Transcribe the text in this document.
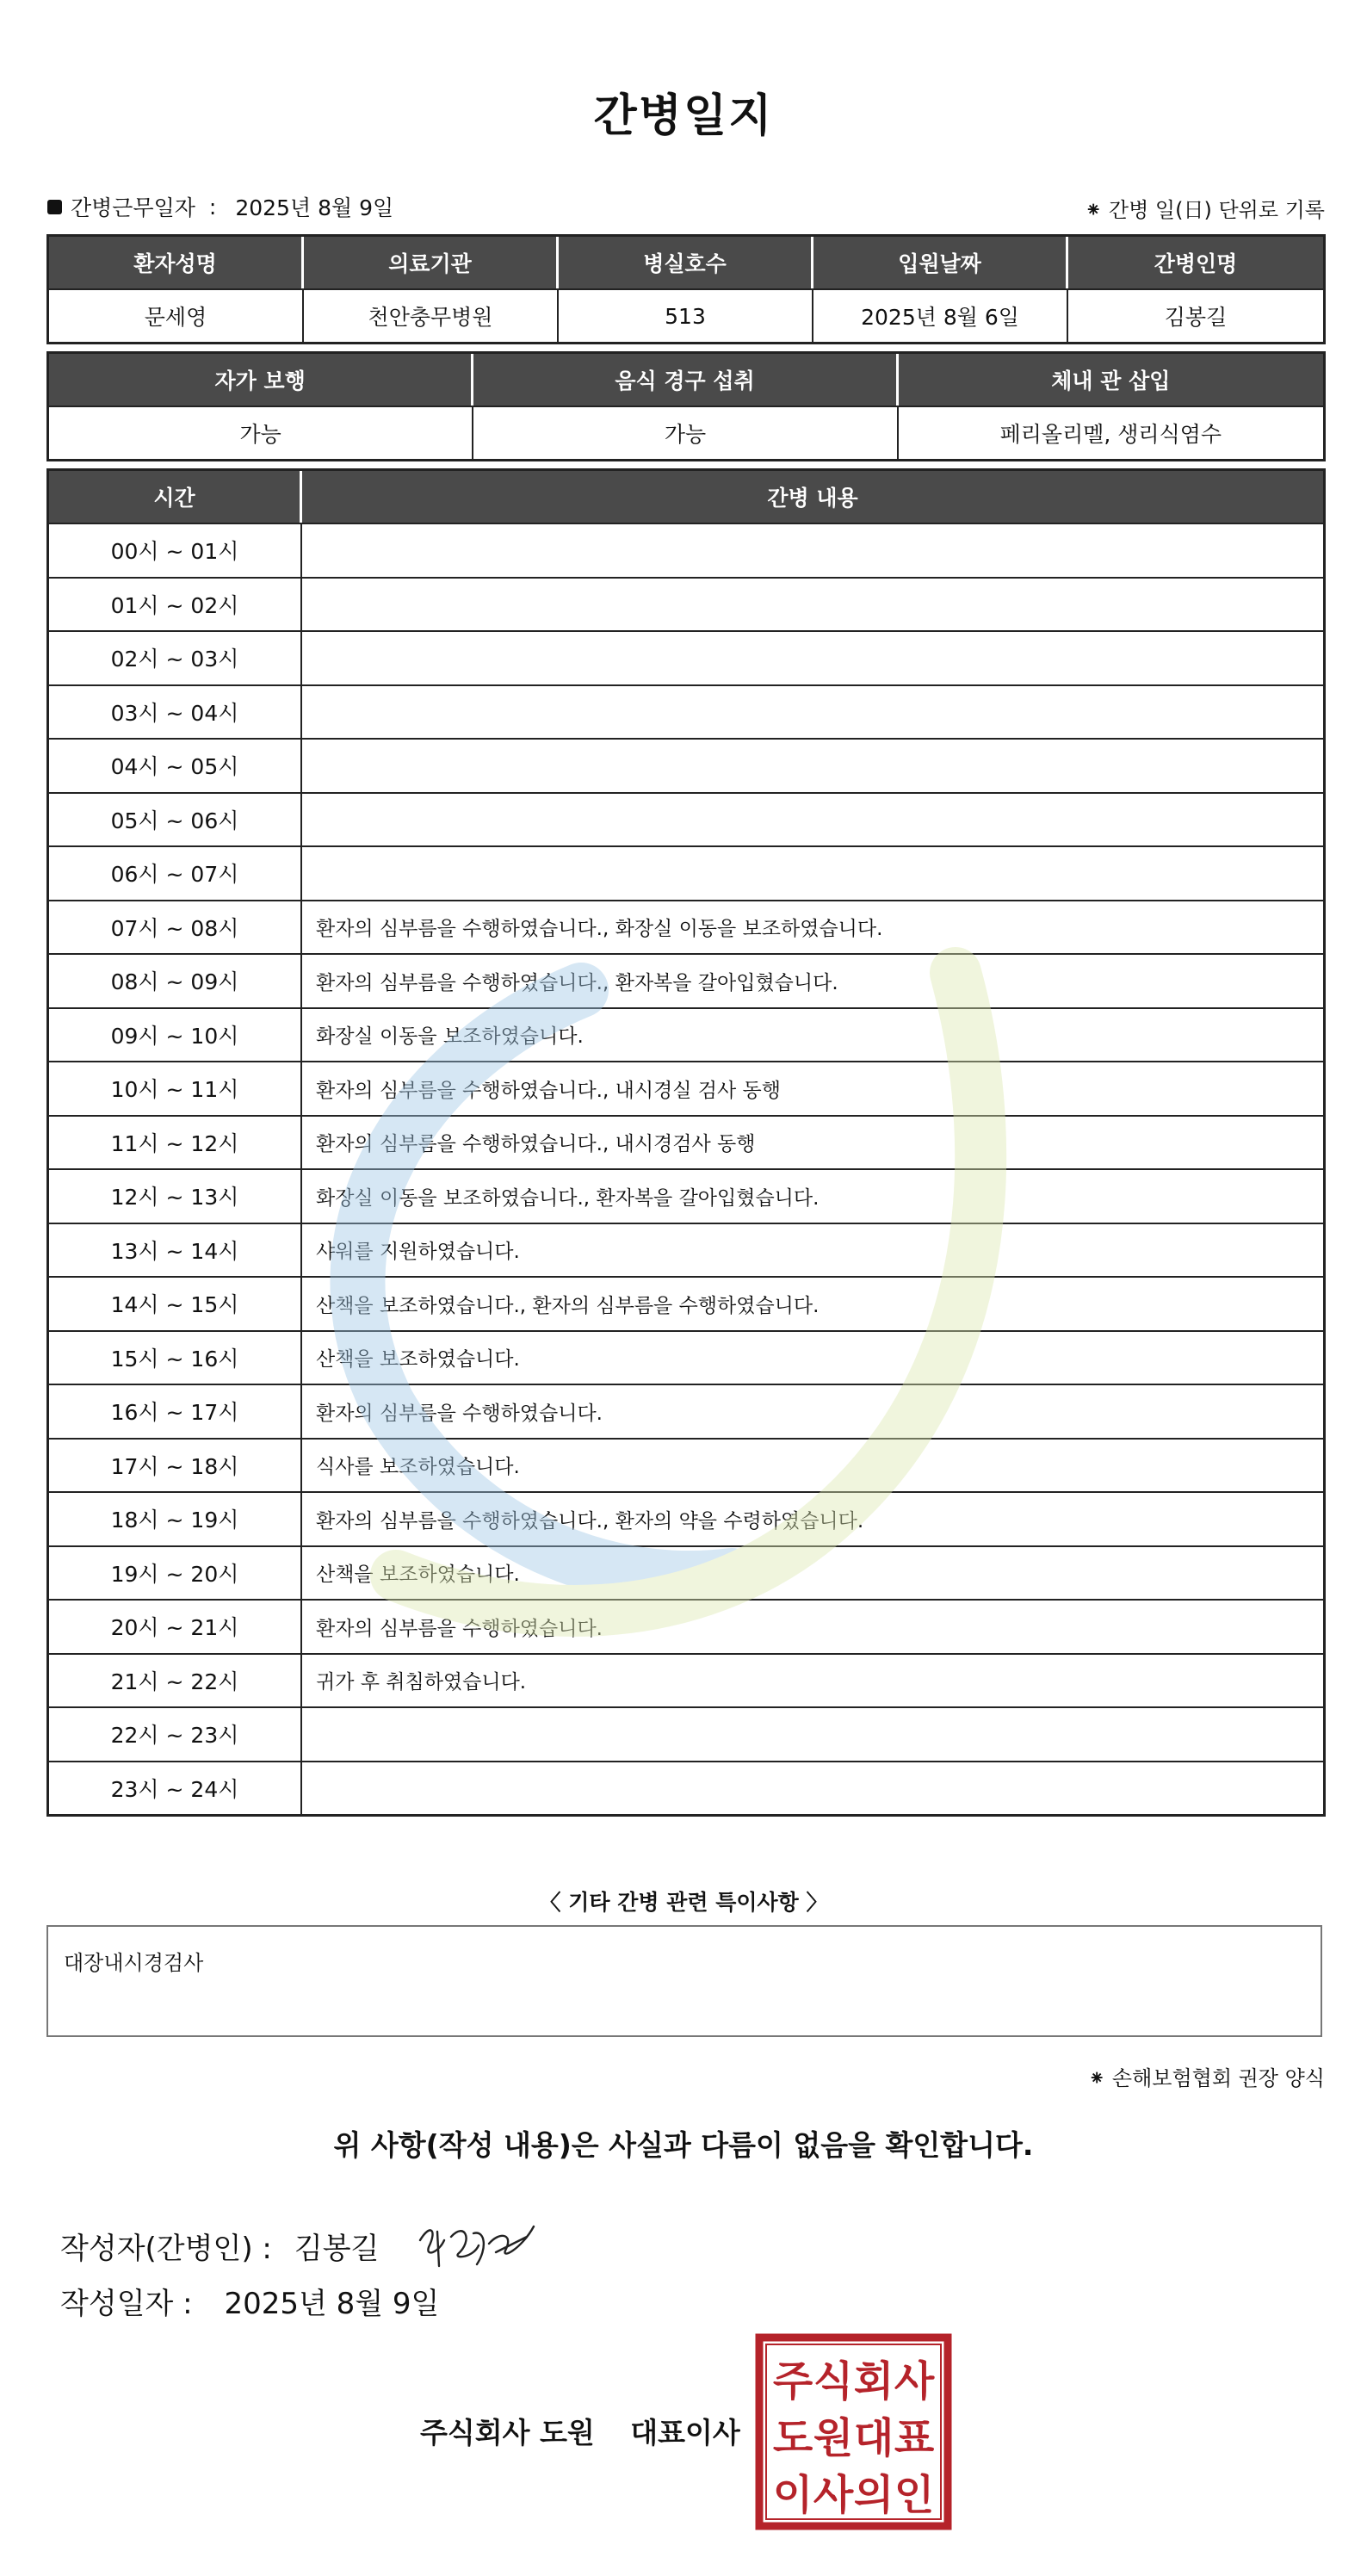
간병일지
간병근무일자 : 2025년 8월 9일	⁕ 간병 일(日) 단위로 기록
환자성명	의료기관	병실호수	입원날짜	간병인명
문세영	천안충무병원	513	2025년 8월 6일	김봉길
자가 보행	음식 경구 섭취	체내 관 삽입
가능	가능	페리올리멜, 생리식염수
시간	간병 내용
00시 ~ 01시	
01시 ~ 02시	
02시 ~ 03시	
03시 ~ 04시	
04시 ~ 05시	
05시 ~ 06시	
06시 ~ 07시	
07시 ~ 08시	환자의 심부름을 수행하였습니다., 화장실 이동을 보조하였습니다.
08시 ~ 09시	환자의 심부름을 수행하였습니다., 환자복을 갈아입혔습니다.
09시 ~ 10시	화장실 이동을 보조하였습니다.
10시 ~ 11시	환자의 심부름을 수행하였습니다., 내시경실 검사 동행
11시 ~ 12시	환자의 심부름을 수행하였습니다., 내시경검사 동행
12시 ~ 13시	화장실 이동을 보조하였습니다., 환자복을 갈아입혔습니다.
13시 ~ 14시	샤워를 지원하였습니다.
14시 ~ 15시	산책을 보조하였습니다., 환자의 심부름을 수행하였습니다.
15시 ~ 16시	산책을 보조하였습니다.
16시 ~ 17시	환자의 심부름을 수행하였습니다.
17시 ~ 18시	식사를 보조하였습니다.
18시 ~ 19시	환자의 심부름을 수행하였습니다., 환자의 약을 수령하였습니다.
19시 ~ 20시	산책을 보조하였습니다.
20시 ~ 21시	환자의 심부름을 수행하였습니다.
21시 ~ 22시	귀가 후 취침하였습니다.
22시 ~ 23시	
23시 ~ 24시	
〈 기타 간병 관련 특이사항 〉
대장내시경검사
⁕ 손해보험협회 권장 양식
위 사항(작성 내용)은 사실과 다름이 없음을 확인합니다.
작성자(간병인) : 김봉길
작성일자 : 2025년 8월 9일
주식회사 도원 대표이사
주 식 회 사
도 원 대 표
이 사 의 인
